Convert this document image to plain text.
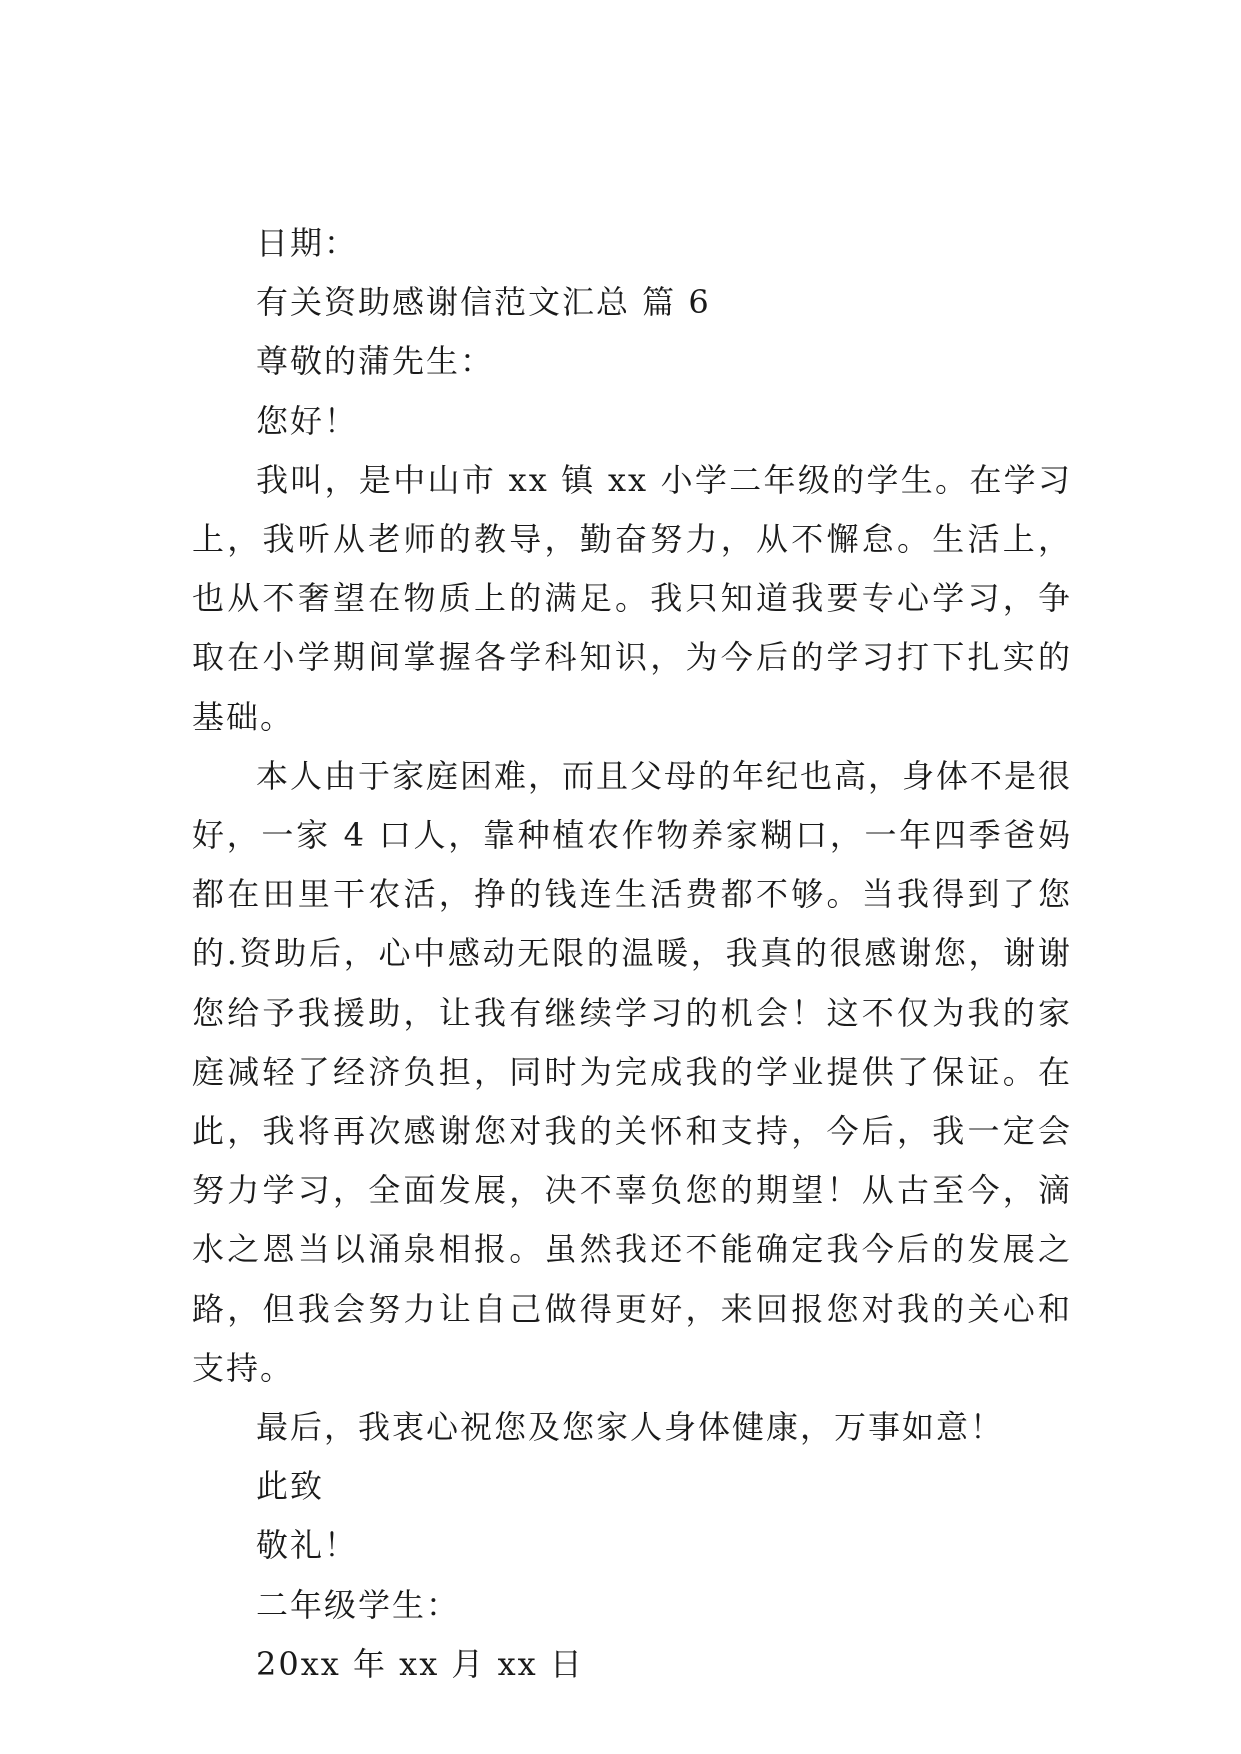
日期：

有关资助感谢信范文汇总 篇 6

尊敬的蒲先生：

您好！

我叫，是中山市 xx 镇 xx 小学二年级的学生。在学习上，我听从老师的教导，勤奋努力，从不懈怠。生活上，也从不奢望在物质上的满足。我只知道我要专心学习，争取在小学期间掌握各学科知识，为今后的学习打下扎实的基础。

本人由于家庭困难，而且父母的年纪也高，身体不是很好，一家 4 口人，靠种植农作物养家糊口，一年四季爸妈都在田里干农活，挣的钱连生活费都不够。当我得到了您的.资助后，心中感动无限的温暖，我真的很感谢您，谢谢您给予我援助，让我有继续学习的机会！这不仅为我的家庭减轻了经济负担，同时为完成我的学业提供了保证。在此，我将再次感谢您对我的关怀和支持，今后，我一定会努力学习，全面发展，决不辜负您的期望！从古至今，滴水之恩当以涌泉相报。虽然我还不能确定我今后的发展之路，但我会努力让自己做得更好，来回报您对我的关心和支持。

最后，我衷心祝您及您家人身体健康，万事如意！

此致

敬礼！

二年级学生：

20xx 年 xx 月 xx 日
